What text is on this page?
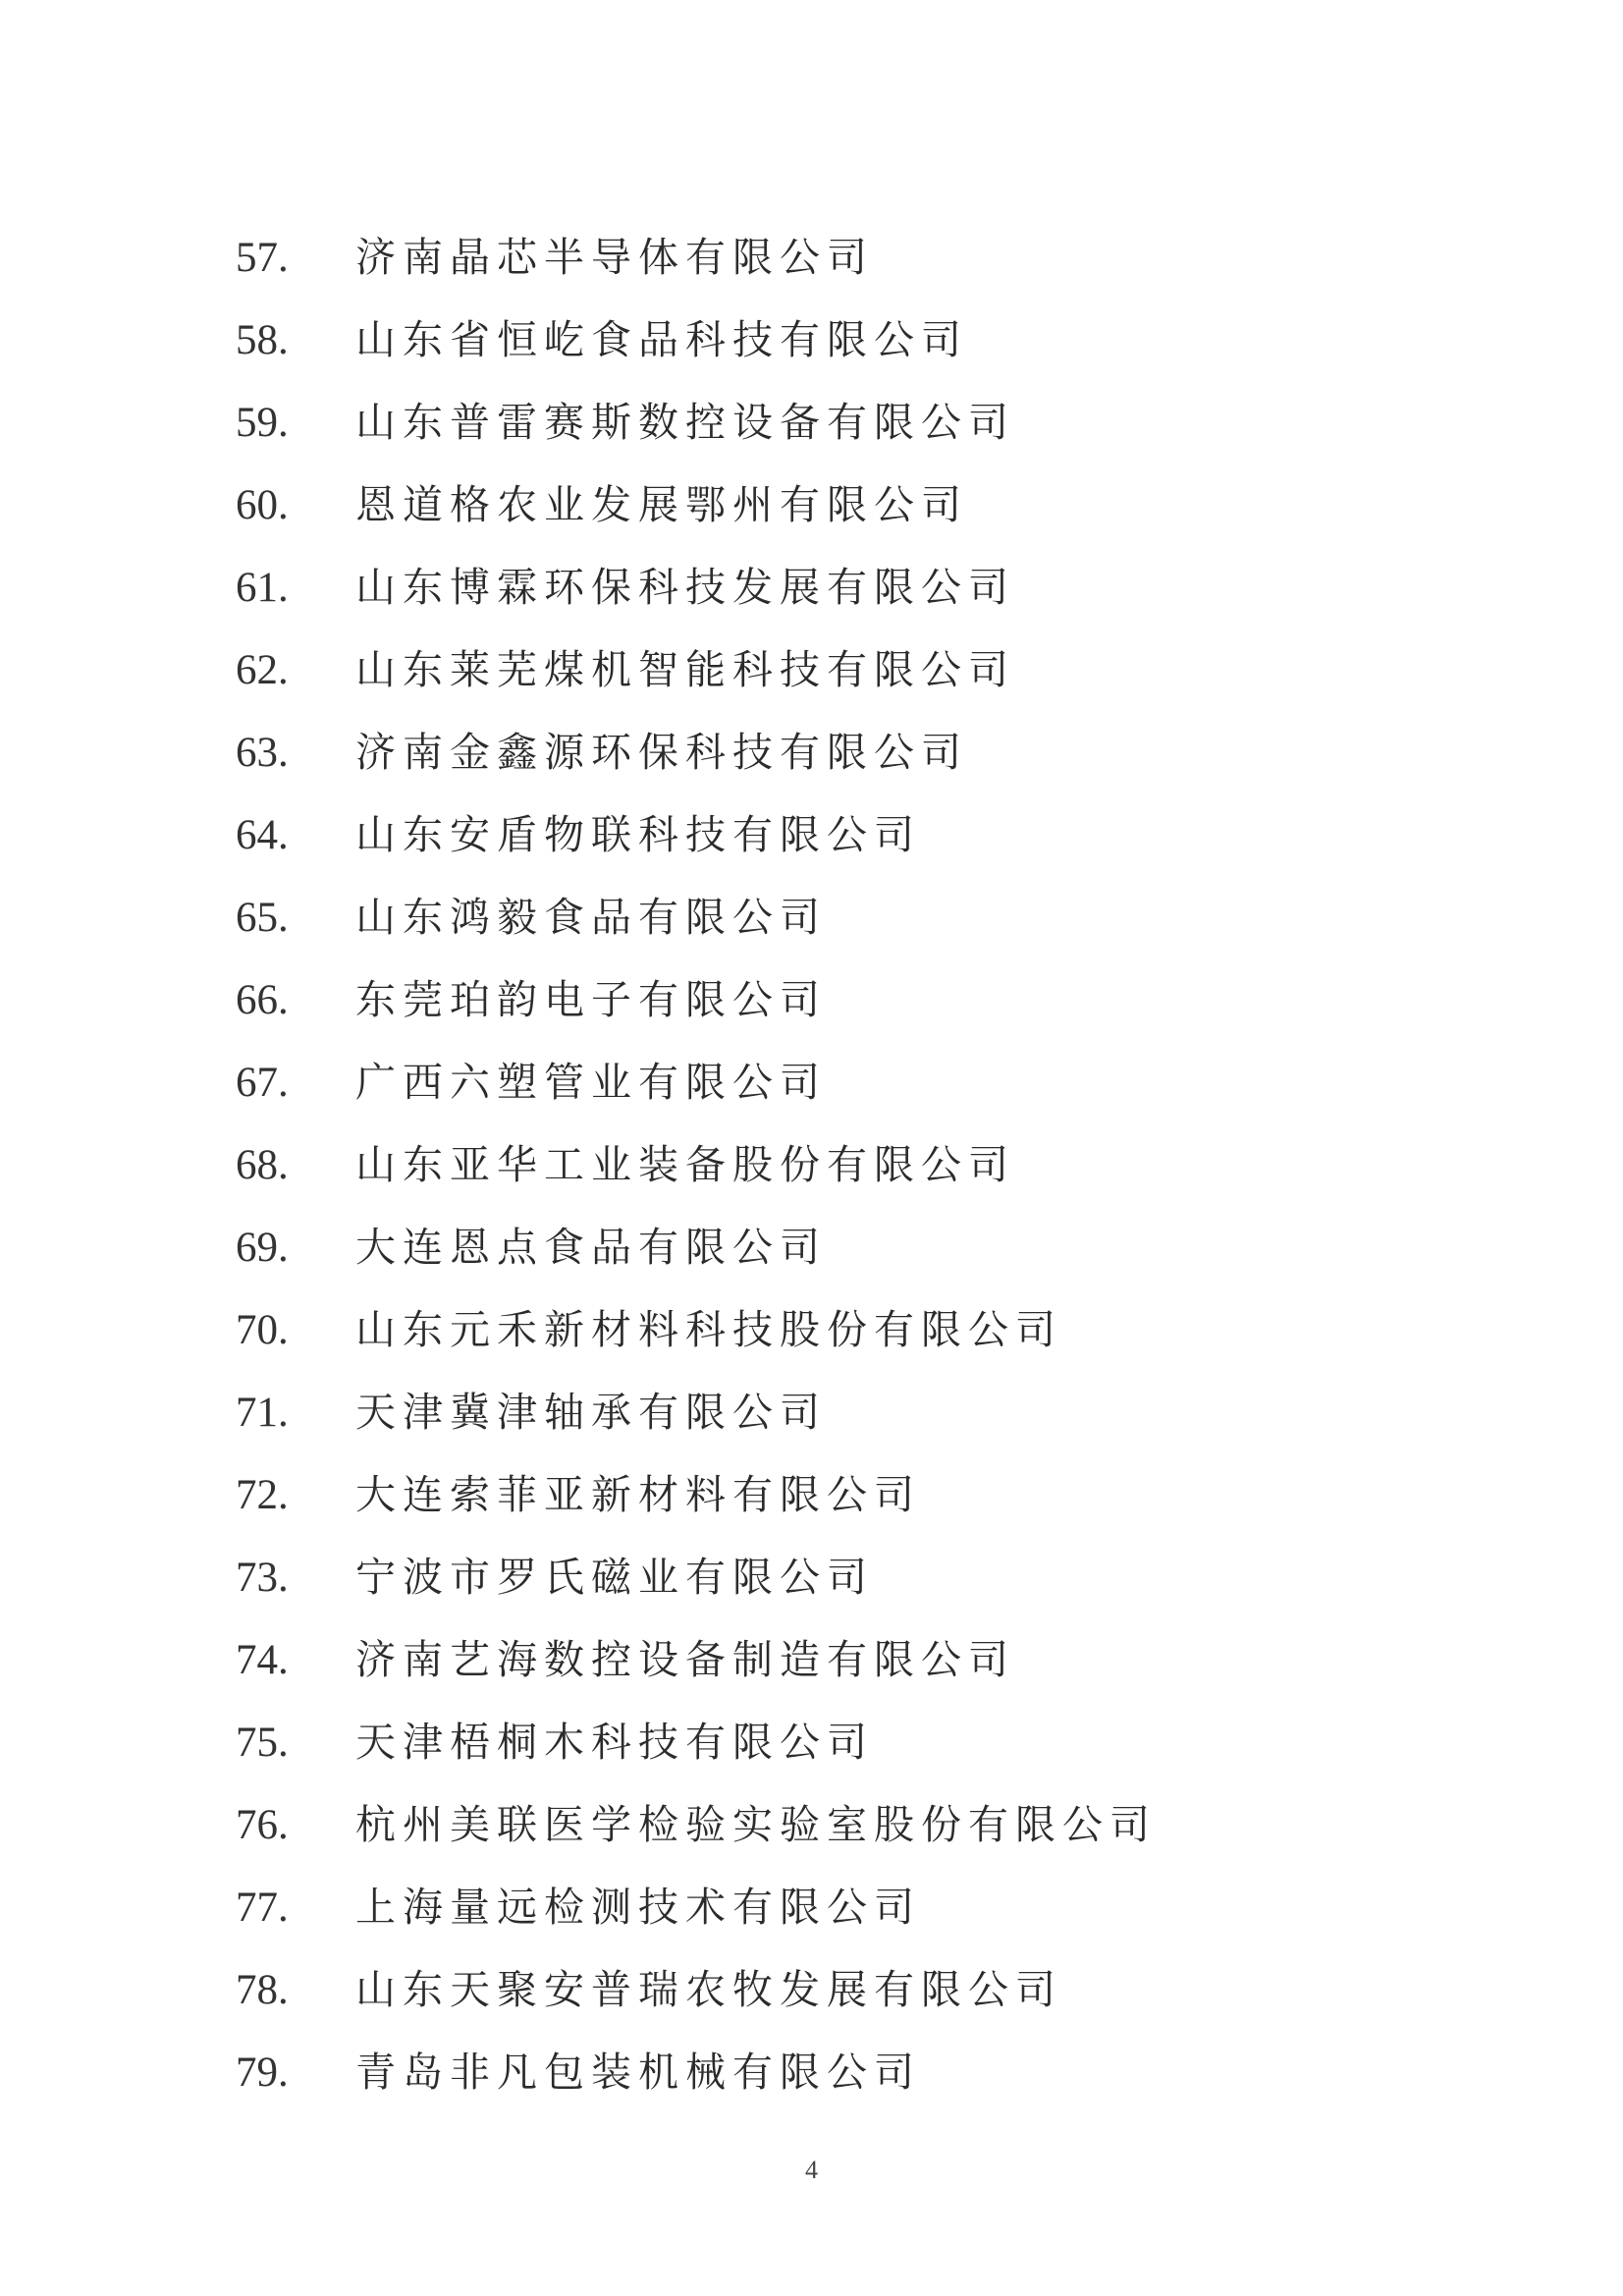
57. 济南晶芯半导体有限公司
58. 山东省恒屹食品科技有限公司
59. 山东普雷赛斯数控设备有限公司
60. 恩道格农业发展鄂州有限公司
61. 山东博霖环保科技发展有限公司
62. 山东莱芜煤机智能科技有限公司
63. 济南金鑫源环保科技有限公司
64. 山东安盾物联科技有限公司
65. 山东鸿毅食品有限公司
66. 东莞珀韵电子有限公司
67. 广西六塑管业有限公司
68. 山东亚华工业装备股份有限公司
69. 大连恩点食品有限公司
70. 山东元禾新材料科技股份有限公司
71. 天津冀津轴承有限公司
72. 大连索菲亚新材料有限公司
73. 宁波市罗氏磁业有限公司
74. 济南艺海数控设备制造有限公司
75. 天津梧桐木科技有限公司
76. 杭州美联医学检验实验室股份有限公司
77. 上海量远检测技术有限公司
78. 山东天聚安普瑞农牧发展有限公司
79. 青岛非凡包装机械有限公司
4
